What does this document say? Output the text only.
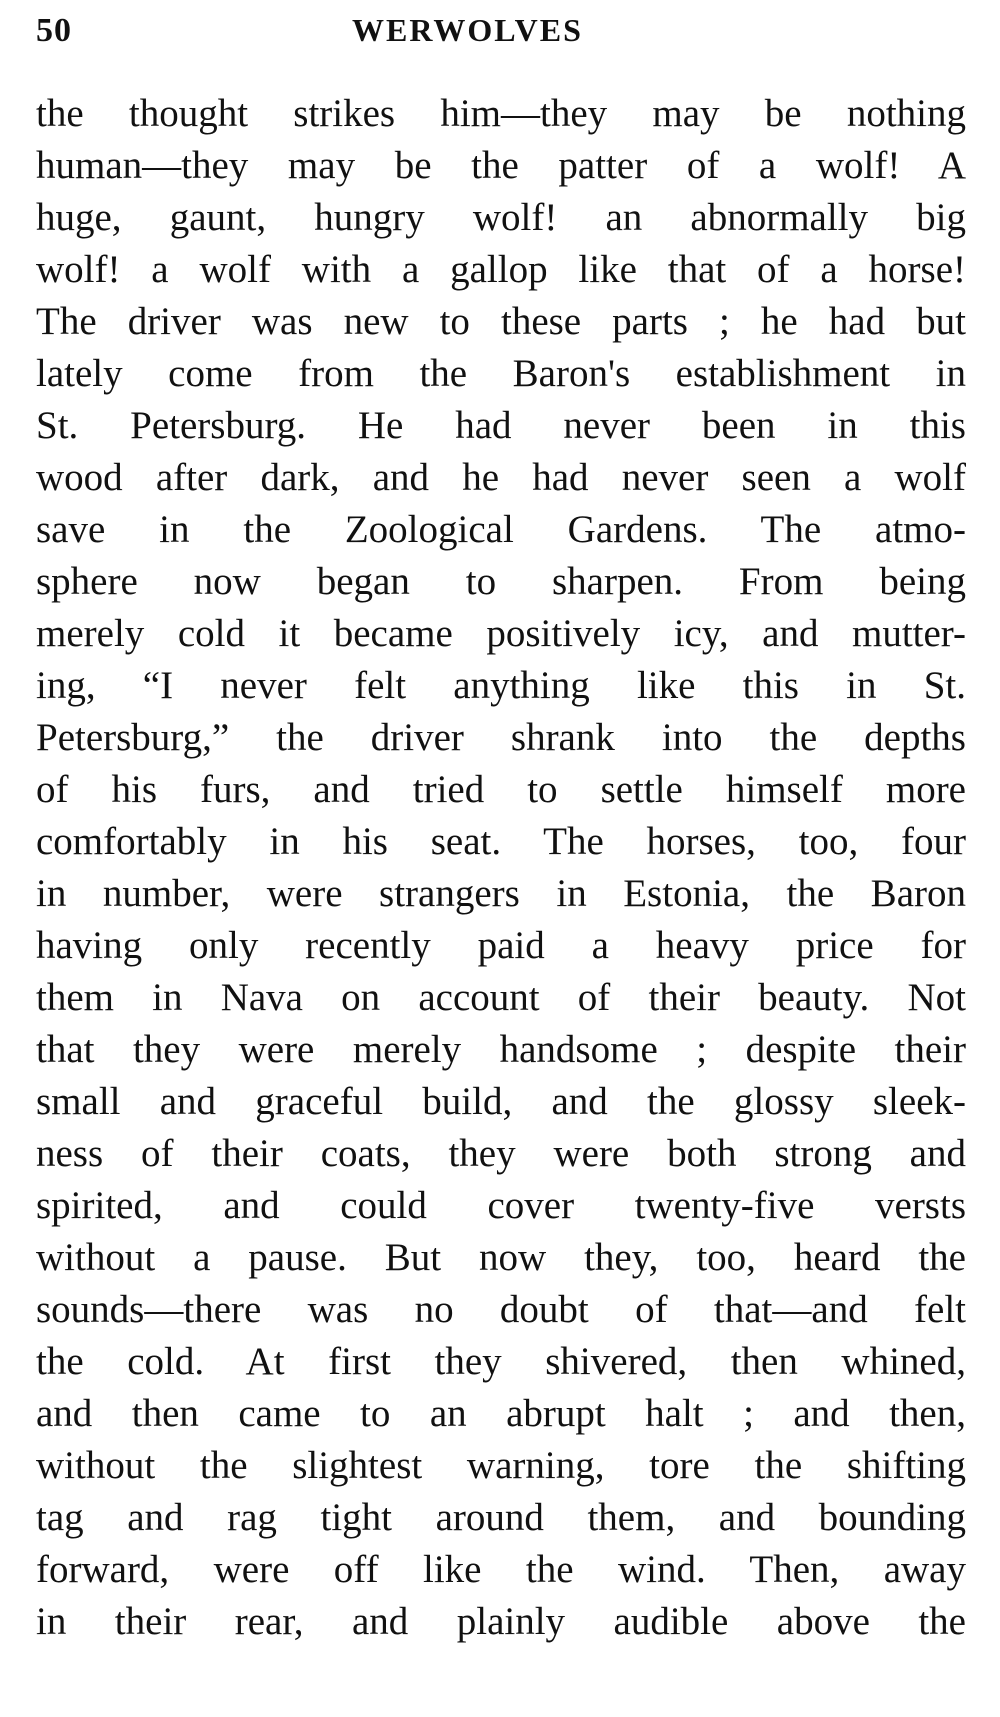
50	WERWOLVES
the thought strikes him—they may be nothing
human—they may be the patter of a wolf! A
huge, gaunt, hungry wolf! an abnormally big
wolf! a wolf with a gallop like that of a horse!
The driver was new to these parts ; he had but
lately come from the Baron's establishment in
St. Petersburg. He had never been in this
wood after dark, and he had never seen a wolf
save in the Zoological Gardens. The atmo-
sphere now began to sharpen. From being
merely cold it became positively icy, and mutter-
ing, “I never felt anything like this in St.
Petersburg,” the driver shrank into the depths
of his furs, and tried to settle himself more
comfortably in his seat. The horses, too, four
in number, were strangers in Estonia, the Baron
having only recently paid a heavy price for
them in Nava on account of their beauty. Not
that they were merely handsome ; despite their
small and graceful build, and the glossy sleek-
ness of their coats, they were both strong and
spirited, and could cover twenty-five versts
without a pause. But now they, too, heard the
sounds—there was no doubt of that—and felt
the cold. At first they shivered, then whined,
and then came to an abrupt halt ; and then,
without the slightest warning, tore the shifting
tag and rag tight around them, and bounding
forward, were off like the wind. Then, away
in their rear, and plainly audible above the
